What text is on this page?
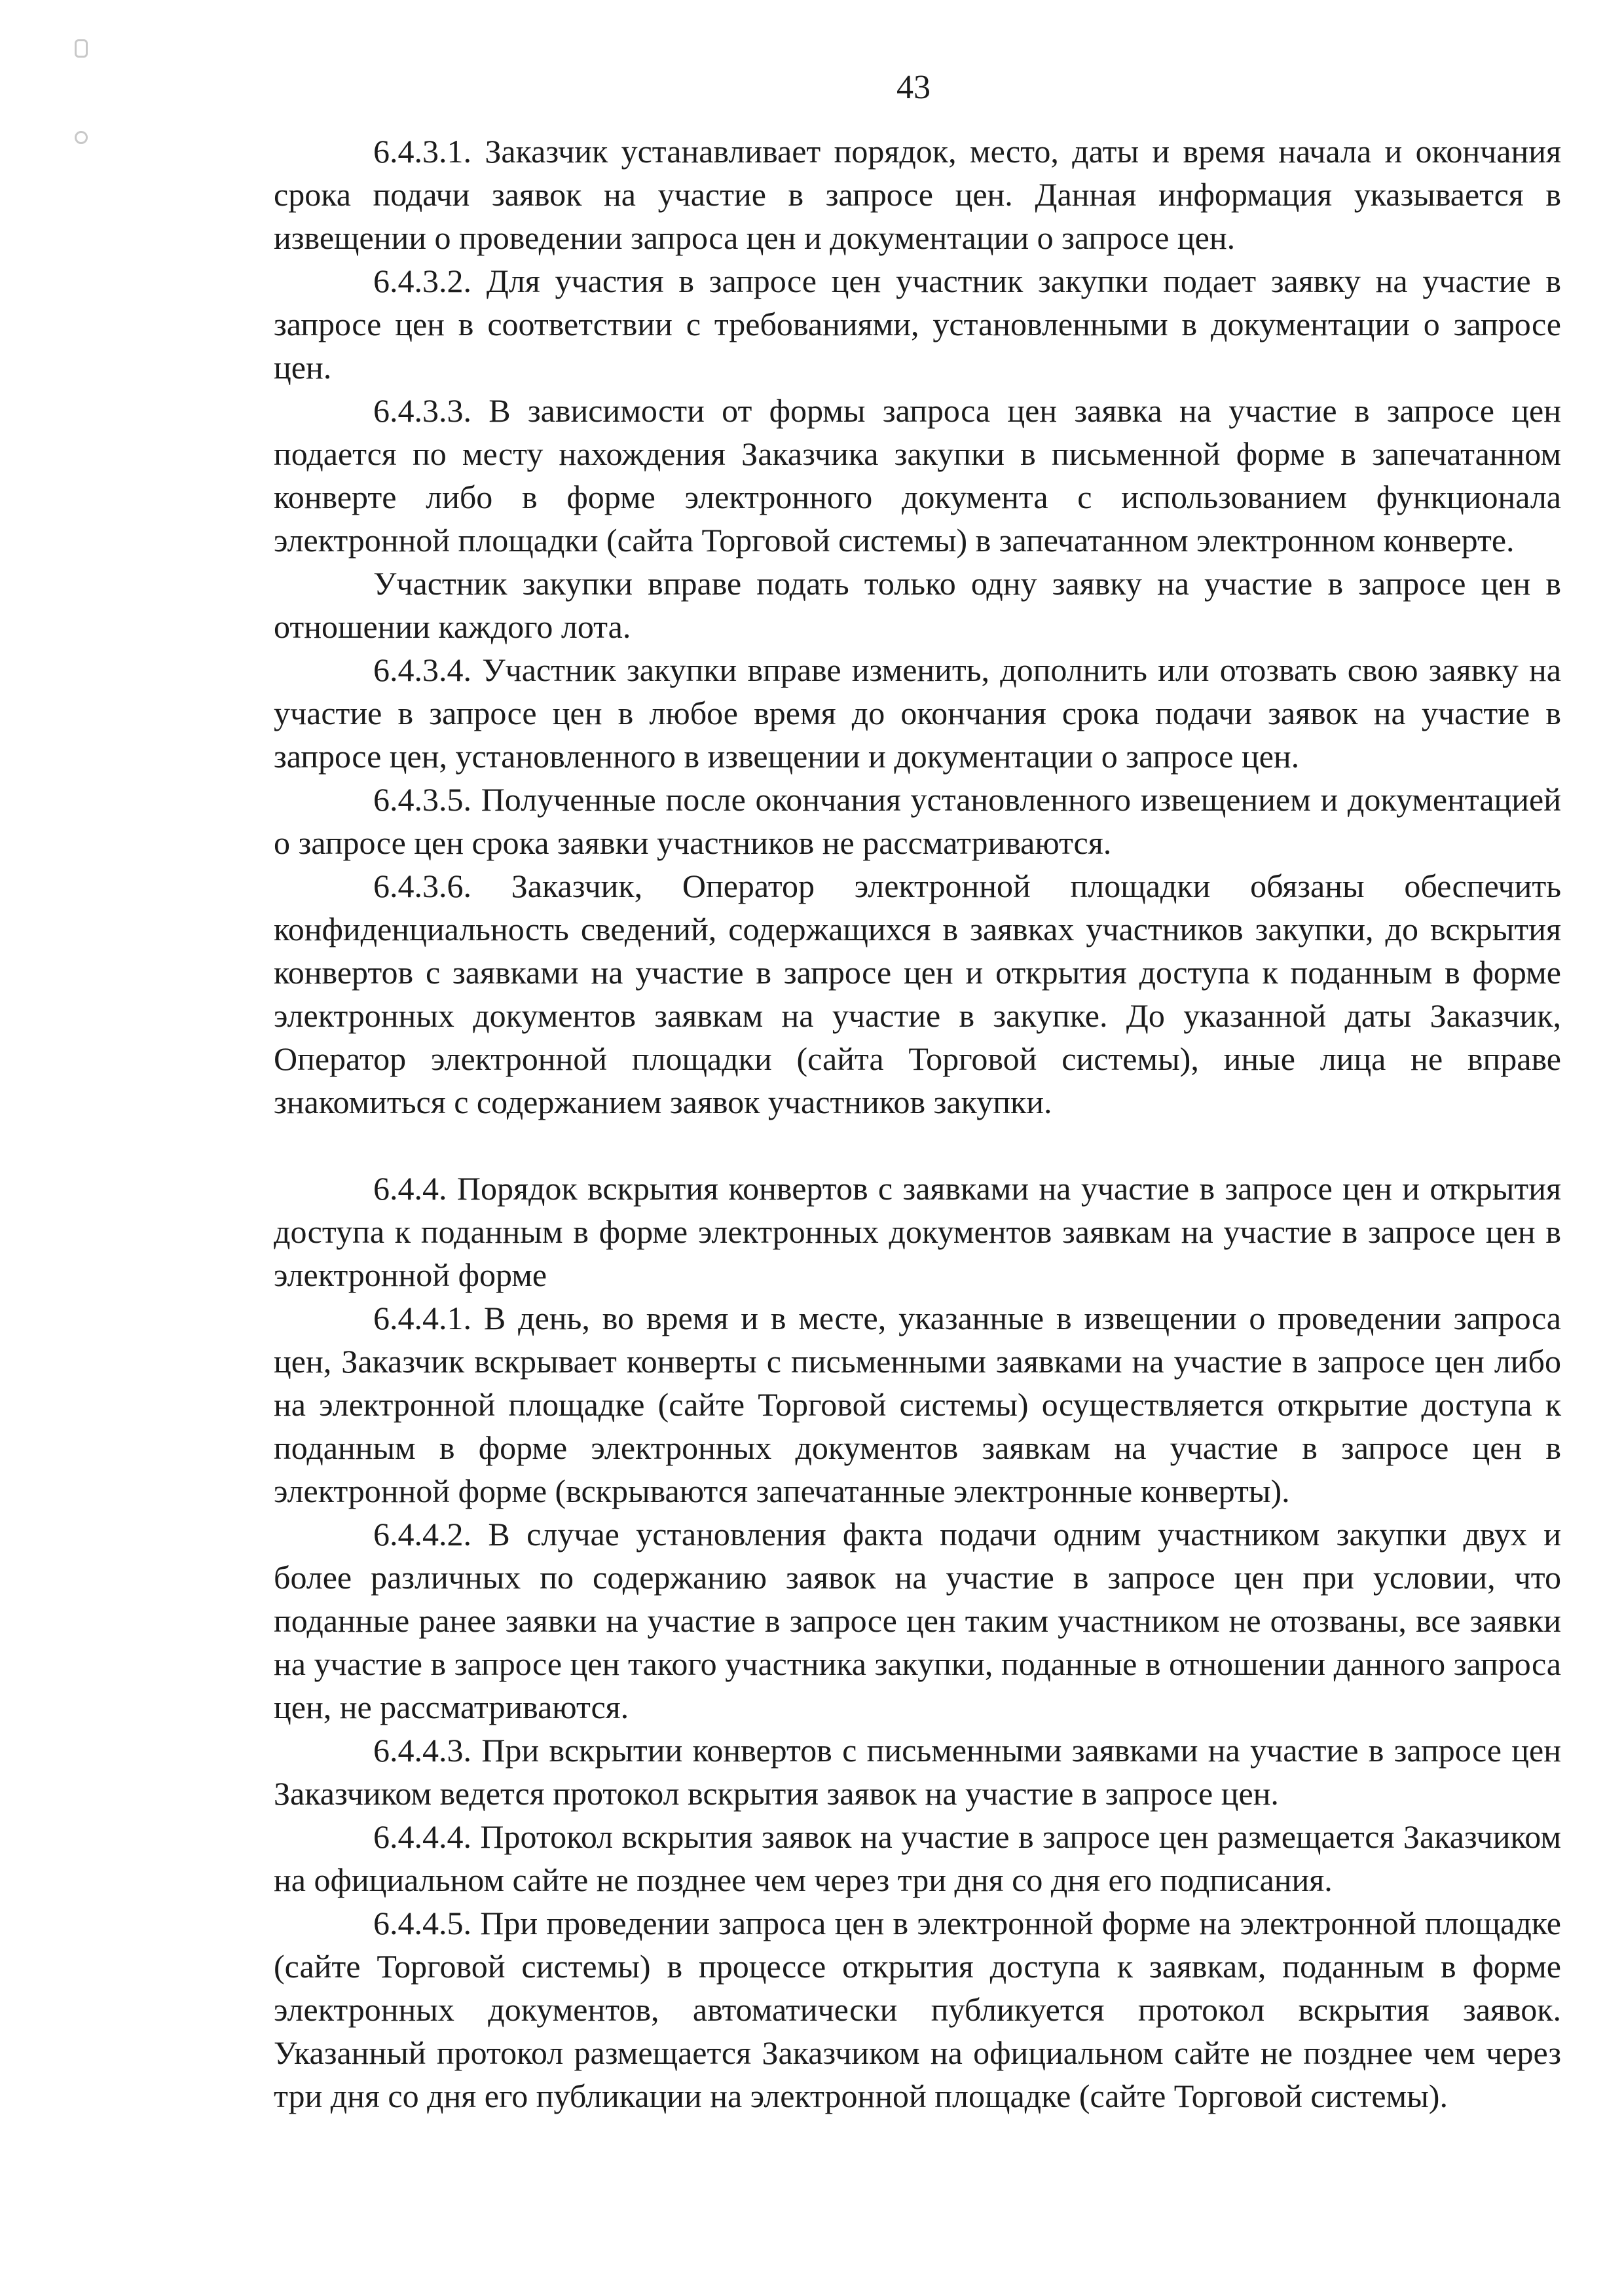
43

6.4.3.1. Заказчик устанавливает порядок, место, даты и время начала и окончания срока подачи заявок на участие в запросе цен. Данная информация указывается в извещении о проведении запроса цен и документации о запросе цен.

6.4.3.2. Для участия в запросе цен участник закупки подает заявку на участие в запросе цен в соответствии с требованиями, установленными в документации о запросе цен.

6.4.3.3. В зависимости от формы запроса цен заявка на участие в запросе цен подается по месту нахождения Заказчика закупки в письменной форме в запечатанном конверте либо в форме электронного документа с использованием функционала электронной площадки (сайта Торговой системы) в запечатанном электронном конверте.

Участник закупки вправе подать только одну заявку на участие в запросе цен в отношении каждого лота.

6.4.3.4. Участник закупки вправе изменить, дополнить или отозвать свою заявку на участие в запросе цен в любое время до окончания срока подачи заявок на участие в запросе цен, установленного в извещении и документации о запросе цен.

6.4.3.5. Полученные после окончания установленного извещением и документацией о запросе цен срока заявки участников не рассматриваются.

6.4.3.6. Заказчик, Оператор электронной площадки обязаны обеспечить конфиденциальность сведений, содержащихся в заявках участников закупки, до вскрытия конвертов с заявками на участие в запросе цен и открытия доступа к поданным в форме электронных документов заявкам на участие в закупке. До указанной даты Заказчик, Оператор электронной площадки (сайта Торговой системы), иные лица не вправе знакомиться с содержанием заявок участников закупки.

6.4.4. Порядок вскрытия конвертов с заявками на участие в запросе цен и открытия доступа к поданным в форме электронных документов заявкам на участие в запросе цен в электронной форме

6.4.4.1. В день, во время и в месте, указанные в извещении о проведении запроса цен, Заказчик вскрывает конверты с письменными заявками на участие в запросе цен либо на электронной площадке (сайте Торговой системы) осуществляется открытие доступа к поданным в форме электронных документов заявкам на участие в запросе цен в электронной форме (вскрываются запечатанные электронные конверты).

6.4.4.2. В случае установления факта подачи одним участником закупки двух и более различных по содержанию заявок на участие в запросе цен при условии, что поданные ранее заявки на участие в запросе цен таким участником не отозваны, все заявки на участие в запросе цен такого участника закупки, поданные в отношении данного запроса цен, не рассматриваются.

6.4.4.3. При вскрытии конвертов с письменными заявками на участие в запросе цен Заказчиком ведется протокол вскрытия заявок на участие в запросе цен.

6.4.4.4. Протокол вскрытия заявок на участие в запросе цен размещается Заказчиком на официальном сайте не позднее чем через три дня со дня его подписания.

6.4.4.5. При проведении запроса цен в электронной форме на электронной площадке (сайте Торговой системы) в процессе открытия доступа к заявкам, поданным в форме электронных документов, автоматически публикуется протокол вскрытия заявок. Указанный протокол размещается Заказчиком на официальном сайте не позднее чем через три дня со дня его публикации на электронной площадке (сайте Торговой системы).
